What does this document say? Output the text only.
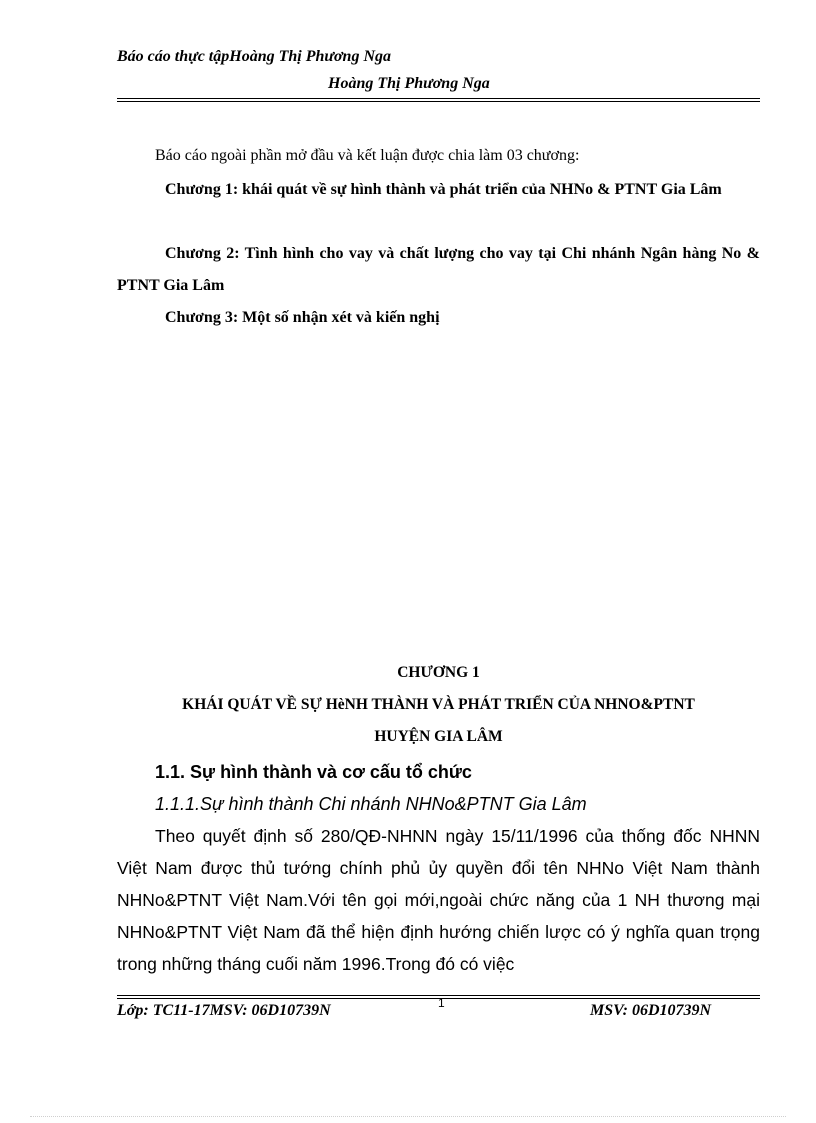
Báo cáo thực tậpHoàng Thị Phương Nga
Hoàng Thị Phương Nga
Báo cáo ngoài phần mở đầu và kết luận được chia làm 03 chương:
Chương 1: khái quát về sự hình thành và phát triển của NHNo & PTNT Gia Lâm
Chương 2: Tình hình cho vay và chất lượng cho vay tại Chi nhánh Ngân hàng No & PTNT Gia Lâm
Chương 3: Một số nhận xét và kiến nghị
CHƯƠNG 1
KHÁI QUÁT VỀ SỰ HèNH THÀNH VÀ PHÁT TRIỂN CỦA NHNO&PTNT
HUYỆN GIA LÂM
1.1. Sự hình thành và cơ cấu tổ chức
1.1.1.Sự hình thành Chi nhánh NHNo&PTNT Gia Lâm
Theo quyết định số 280/QĐ-NHNN ngày 15/11/1996 của thống đốc NHNN Việt Nam được thủ tướng chính phủ ủy quyền đổi tên NHNo Việt Nam thành NHNo&PTNT Việt Nam.Với tên gọi mới,ngoài chức năng của 1 NH thương mại NHNo&PTNT Việt Nam đã thể hiện định hướng chiến lược có ý nghĩa quan trọng trong những tháng cuối năm 1996.Trong đó có việc
Lớp: TC11-17MSV: 06D10739N	1	MSV: 06D10739N
